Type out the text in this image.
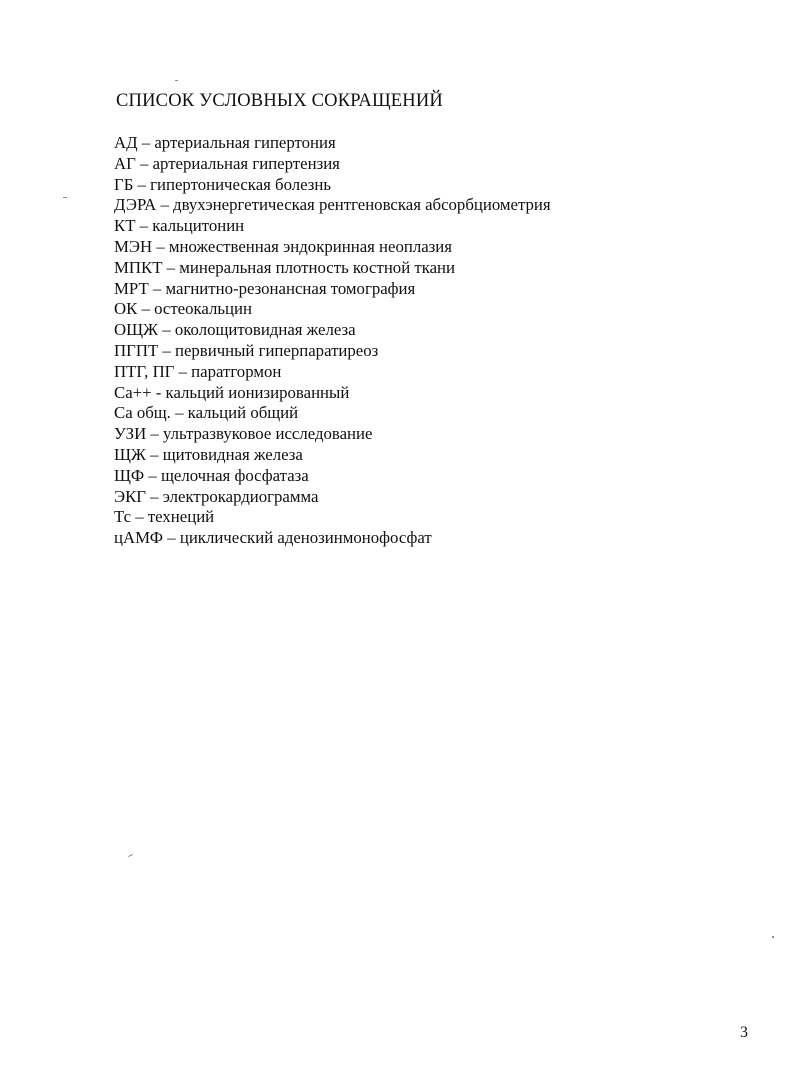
СПИСОК УСЛОВНЫХ СОКРАЩЕНИЙ
АД – артериальная гипертония
АГ – артериальная гипертензия
ГБ – гипертоническая болезнь
ДЭРА – двухэнергетическая рентгеновская абсорбциометрия
КТ – кальцитонин
МЭН – множественная эндокринная неоплазия
МПКТ – минеральная плотность костной ткани
МРТ – магнитно-резонансная томография
ОК – остеокальцин
ОЩЖ – околощитовидная железа
ПГПТ – первичный гиперпаратиреоз
ПТГ, ПГ – паратгормон
Са++ - кальций ионизированный
Са общ. – кальций общий
УЗИ – ультразвуковое исследование
ЩЖ – щитовидная железа
ЩФ – щелочная фосфатаза
ЭКГ – электрокардиограмма
Тс – технеций
цАМФ – циклический аденозинмонофосфат
3
